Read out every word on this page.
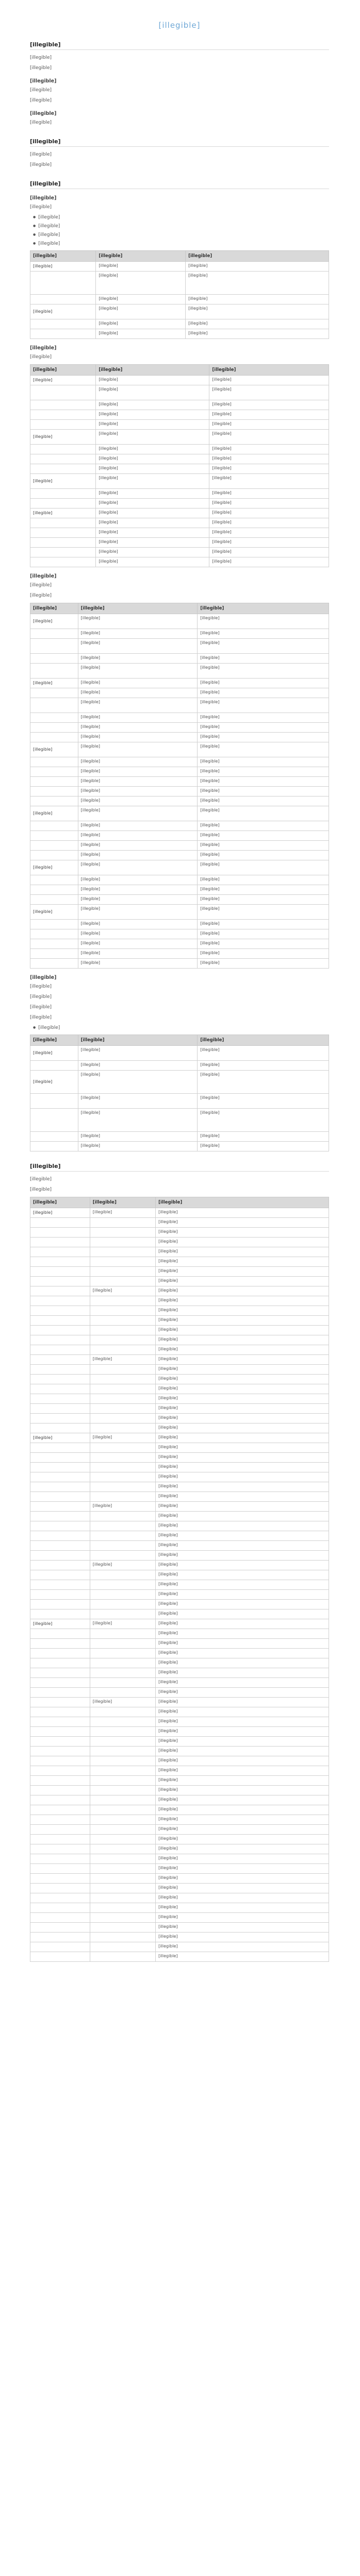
[illegible]
[illegible]
[illegible]
[illegible]
[illegible]
[illegible]
[illegible]
[illegible]
[illegible]
[illegible]
[illegible]
[illegible]
[illegible]
[illegible]
[illegible]
● [illegible]
● [illegible]
● [illegible]
● [illegible]
[illegible]	[illegible]	[illegible]
[illegible]	[illegible]	[illegible]
	[illegible]	[illegible]
	[illegible]	[illegible]
[illegible]	[illegible]	[illegible]
	[illegible]	[illegible]
	[illegible]	[illegible]
[illegible]
[illegible]
[illegible]	[illegible]	[illegible]
[illegible]	[illegible]	[illegible]
	[illegible]	[illegible]
	[illegible]	[illegible]
	[illegible]	[illegible]
	[illegible]	[illegible]
[illegible]	[illegible]	[illegible]
	[illegible]	[illegible]
	[illegible]	[illegible]
	[illegible]	[illegible]
[illegible]	[illegible]	[illegible]
	[illegible]	[illegible]
	[illegible]	[illegible]
[illegible]	[illegible]	[illegible]
	[illegible]	[illegible]
	[illegible]	[illegible]
	[illegible]	[illegible]
	[illegible]	[illegible]
	[illegible]	[illegible]
[illegible]
[illegible]
[illegible]
[illegible]	[illegible]	[illegible]
[illegible]	[illegible]	[illegible]
	[illegible]	[illegible]
	[illegible]	[illegible]
	[illegible]	[illegible]
	[illegible]	[illegible]
[illegible]	[illegible]	[illegible]
	[illegible]	[illegible]
	[illegible]	[illegible]
	[illegible]	[illegible]
	[illegible]	[illegible]
	[illegible]	[illegible]
[illegible]	[illegible]	[illegible]
	[illegible]	[illegible]
	[illegible]	[illegible]
	[illegible]	[illegible]
	[illegible]	[illegible]
	[illegible]	[illegible]
[illegible]	[illegible]	[illegible]
	[illegible]	[illegible]
	[illegible]	[illegible]
	[illegible]	[illegible]
	[illegible]	[illegible]
[illegible]	[illegible]	[illegible]
	[illegible]	[illegible]
	[illegible]	[illegible]
	[illegible]	[illegible]
[illegible]	[illegible]	[illegible]
	[illegible]	[illegible]
	[illegible]	[illegible]
	[illegible]	[illegible]
	[illegible]	[illegible]
	[illegible]	[illegible]
[illegible]
[illegible]
[illegible]
[illegible]
[illegible]
● [illegible]
[illegible]	[illegible]	[illegible]
[illegible]	[illegible]	[illegible]
	[illegible]	[illegible]
[illegible]	[illegible]	[illegible]
	[illegible]	[illegible]
	[illegible]	[illegible]
	[illegible]	[illegible]
	[illegible]	[illegible]
[illegible]
[illegible]
[illegible]
[illegible]	[illegible]	[illegible]
[illegible]	[illegible]	[illegible]
		[illegible]
		[illegible]
		[illegible]
		[illegible]
		[illegible]
		[illegible]
		[illegible]
	[illegible]	[illegible]
		[illegible]
		[illegible]
		[illegible]
		[illegible]
		[illegible]
		[illegible]
	[illegible]	[illegible]
		[illegible]
		[illegible]
		[illegible]
		[illegible]
		[illegible]
		[illegible]
		[illegible]
[illegible]	[illegible]	[illegible]
		[illegible]
		[illegible]
		[illegible]
		[illegible]
		[illegible]
		[illegible]
	[illegible]	[illegible]
		[illegible]
		[illegible]
		[illegible]
		[illegible]
		[illegible]
	[illegible]	[illegible]
		[illegible]
		[illegible]
		[illegible]
		[illegible]
		[illegible]
[illegible]	[illegible]	[illegible]
		[illegible]
		[illegible]
		[illegible]
		[illegible]
		[illegible]
		[illegible]
		[illegible]
	[illegible]	[illegible]
		[illegible]
		[illegible]
		[illegible]
		[illegible]
		[illegible]
		[illegible]
		[illegible]
		[illegible]
		[illegible]
		[illegible]
		[illegible]
		[illegible]
		[illegible]
		[illegible]
		[illegible]
		[illegible]
		[illegible]
		[illegible]
		[illegible]
		[illegible]
		[illegible]
		[illegible]
		[illegible]
		[illegible]
		[illegible]
		[illegible]
